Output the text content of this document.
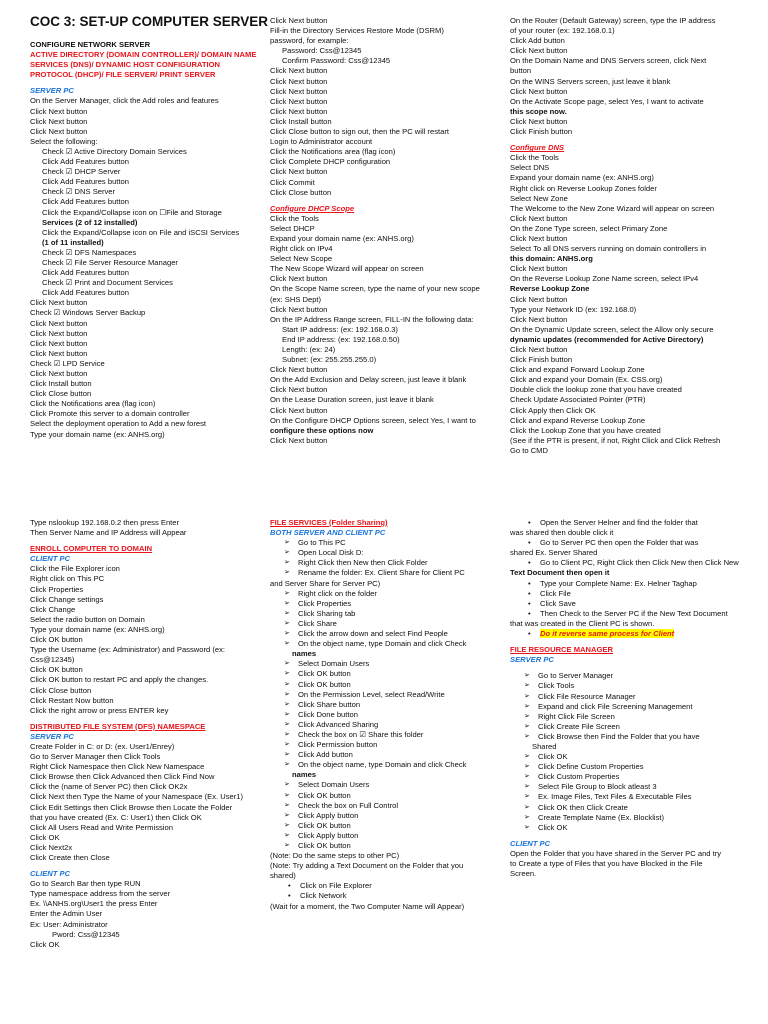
COC 3: SET-UP COMPUTER SERVER
CONFIGURE NETWORK SERVER
ACTIVE DIRECTORY (DOMAIN CONTROLLER)/ DOMAIN NAME SERVICES (DNS)/ DYNAMIC HOST CONFIGURATION PROTOCOL (DHCP)/ FILE SERVER/ PRINT SERVER
SERVER PC
On the Server Manager, click the Add roles and features
Click Next button
Click Next button
Click Next button
Select the following:
Check ☑ Active Directory Domain Services
Click Add Features button
Check ☑ DHCP Server
Click Add Features button
Check ☑ DNS Server
Click Add Features button
Click the Expand/Collapse icon on ☐File and Storage
Services (2 of 12 installed)
Click the Expand/Collapse icon on File and iSCSI Services
(1 of 11 installed)
Check ☑ DFS Namespaces
Check ☑ File Server Resource Manager
Click Add Features button
Check ☑ Print and Document Services
Click Add Features button
Click Next button
Check ☑ Windows Server Backup
Click Next button
Click Next button
Click Next button
Click Next button
Check ☑ LPD Service
Click Next button
Click Install button
Click Close button
Click the Notifications area (flag icon)
Click Promote this server to a domain controller
Select the deployment operation to Add a new forest
Type your domain name (ex: ANHS.org)
Click Next button
Fill-in the Directory Services Restore Mode (DSRM)
password, for example:
Password: Css@12345
Confirm Password: Css@12345
Click Next button
Click Next button
Click Next button
Click Next button
Click Next button
Click Install button
Click Close button to sign out, then the PC will restart
Login to Administrator account
Click the Notifications area (flag icon)
Click Complete DHCP configuration
Click Next button
Click Commit
Click Close button
Configure DHCP Scope
Click the Tools
Select DHCP
Expand your domain name (ex: ANHS.org)
Right click on IPv4
Select New Scope
The New Scope Wizard will appear on screen
Click Next button
On the Scope Name screen, type the name of your new scope
(ex: SHS Dept)
Click Next button
On the IP Address Range screen, FILL-IN the following data:
Start IP address: (ex: 192.168.0.3)
End IP address: (ex: 192.168.0.50)
Length: (ex: 24)
Subnet: (ex: 255.255.255.0)
Click Next button
On the Add Exclusion and Delay screen, just leave it blank
Click Next button
On the Lease Duration screen, just leave it blank
Click Next button
On the Configure DHCP Options screen, select Yes, I want to
configure these options now
Click Next button
On the Router (Default Gateway) screen, type the IP address
of your router (ex: 192.168.0.1)
Click Add button
Click Next button
On the Domain Name and DNS Servers screen, click Next
button
On the WINS Servers screen, just leave it blank
Click Next button
On the Activate Scope page, select Yes, I want to activate
this scope now.
Click Next button
Click Finish button
Configure DNS
Click the Tools
Select DNS
Expand your domain name (ex: ANHS.org)
Right click on Reverse Lookup Zones folder
Select New Zone
The Welcome to the New Zone Wizard will appear on screen
Click Next button
On the Zone Type screen, select Primary Zone
Click Next button
Select To all DNS servers running on domain controllers in
this domain: ANHS.org
Click Next button
On the Reverse Lookup Zone Name screen, select IPv4
Reverse Lookup Zone
Click Next button
Type your Network ID (ex: 192.168.0)
Click Next button
On the Dynamic Update screen, select the Allow only secure
dynamic updates (recommended for Active Directory)
Click Next button
Click Finish button
Click and expand Forward Lookup Zone
Click and expand your Domain (Ex. CSS.org)
Double click the lookup zone that you have created
Check Update Associated Pointer (PTR)
Click Apply then Click OK
Click and expand Reverse Lookup Zone
Click the Lookup Zone that you have created
(See if the PTR is present, if not, Right Click and Click Refresh
Go to CMD
Type nslookup 192.168.0.2 then press Enter
Then Server Name and IP Address will Appear
ENROLL COMPUTER TO DOMAIN
CLIENT PC
Click the File Explorer icon
Right click on This PC
Click Properties
Click Change settings
Click Change
Select the radio button on Domain
Type your domain name (ex: ANHS.org)
Click OK button
Type the Username (ex: Administrator) and Password (ex:
Css@12345)
Click OK button
Click OK button to restart PC and apply the changes.
Click Close button
Click Restart Now button
Click the right arrow or press ENTER key
DISTRIBUTED FILE SYSTEM (DFS) NAMESPACE
SERVER PC
Create Folder in C: or D: (ex. User1/Enrey)
Go to Server Manager then Click Tools
Right Click Namespace then Click New Namespace
Click Browse then Click Advanced then Click Find Now
Click the (name of Server PC) then Click OK2x
Click Next then Type the Name of your Namespace (Ex. User1)
Click Edit Settings then Click Browse then Locate the Folder
that you have created (Ex. C: User1) then Click OK
Click All Users Read and Write Permission
Click OK
Click Next2x
Click Create then Close
CLIENT PC
Go to Search Bar then type RUN
Type namespace address from the server
Ex. \\ANHS.org\User1 the press Enter
Enter the Admin User
Ex: User: Administrator
Pword: Css@12345
Click OK
FILE SERVICES (Folder Sharing)
BOTH SERVER AND CLIENT PC
➢ Go to This PC
➢ Open Local Disk D:
➢ Right Click then New then Click Folder
➢ Rename the folder: Ex. Client Share for Client PC
and Server Share for Server PC)
➢ Right click on the folder
➢ Click Properties
➢ Click Sharing tab
➢ Click Share
➢ Click the arrow down and select Find People
➢ On the object name, type Domain and click Check
names
➢ Select Domain Users
➢ Click OK button
➢ Click OK button
➢ On the Permission Level, select Read/Write
➢ Click Share button
➢ Click Done button
➢ Click Advanced Sharing
➢ Check the box on ☑ Share this folder
➢ Click Permission button
➢ Click Add button
➢ On the object name, type Domain and click Check
names
➢ Select Domain Users
➢ Click OK button
➢ Check the box on Full Control
➢ Click Apply button
➢ Click OK button
➢ Click Apply button
➢ Click OK button
(Note: Do the same steps to other PC)
(Note: Try adding a Text Document on the Folder that you
shared)
• Click on File Explorer
• Click Network
(Wait for a moment, the Two Computer Name will Appear)
• Open the Server Helner and find the folder that
was shared then double click it
• Go to Server PC then open the Folder that was
shared Ex. Server Shared
• Go to Client PC, Right Click then Click New then Click New
Text Document then open it
• Type your Complete Name: Ex. Helner Taghap
• Click File
• Click Save
• Then Check to the Server PC if the New Text Document
that was created in the Client PC is shown.
• Do it reverse same process for Client
FILE RESOURCE MANAGER
SERVER PC
➢ Go to Server Manager
➢ Click Tools
➢ Click File Resource Manager
➢ Expand and click File Screening Management
➢ Right Click File Screen
➢ Click Create File Screen
➢ Click Browse then Find the Folder that you have
Shared
➢ Click OK
➢ Click Define Custom Properties
➢ Click Custom Properties
➢ Select File Group to Block atleast 3
➢ Ex. Image Files, Text Files & Executable Files
➢ Click OK then Click Create
➢ Create Template Name (Ex. Blocklist)
➢ Click OK
CLIENT PC
Open the Folder that you have shared in the Server PC and try
to Create a type of Files that you have Blocked in the File
Screen.
